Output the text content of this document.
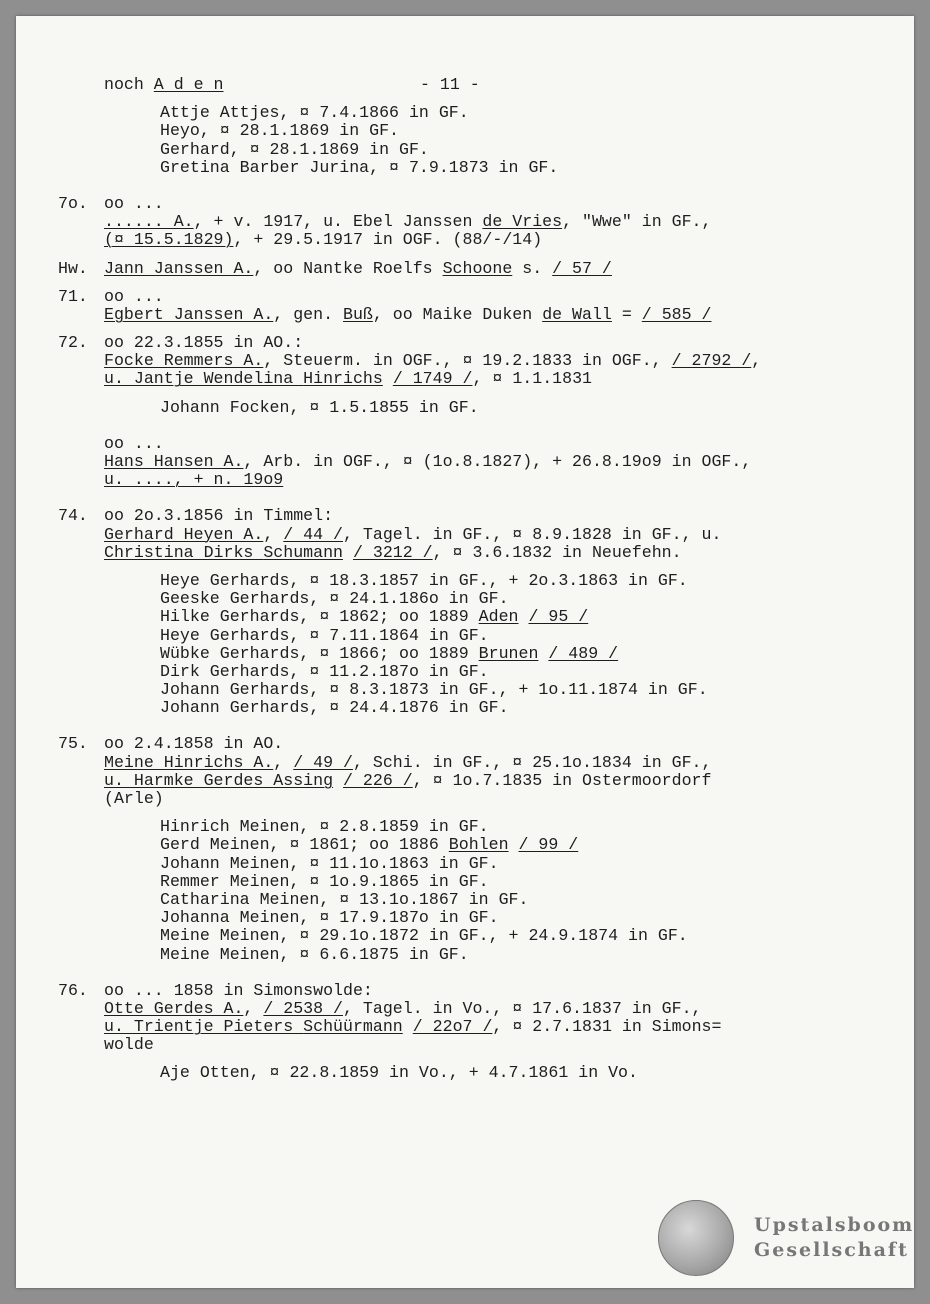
noch A d e n	- 11 -
Attje Attjes, ¤ 7.4.1866 in GF.
Heyo, ¤ 28.1.1869 in GF.
Gerhard, ¤ 28.1.1869 in GF.
Gretina Barber Jurina, ¤ 7.9.1873 in GF.
7o. oo ...
...... A., + v. 1917, u. Ebel Janssen de Vries, "Wwe" in GF.,
(¤ 15.5.1829), + 29.5.1917 in OGF. (88/-/14)
Hw. Jann Janssen A., oo Nantke Roelfs Schoone s. / 57 /
71. oo ...
Egbert Janssen A., gen. Buß, oo Maike Duken de Wall = / 585 /
72. oo 22.3.1855 in AO.:
Focke Remmers A., Steuerm. in OGF., ¤ 19.2.1833 in OGF., / 2792 /,
u. Jantje Wendelina Hinrichs / 1749 /, ¤ 1.1.1831
Johann Focken, ¤ 1.5.1855 in GF.
oo ...
Hans Hansen A., Arb. in OGF., ¤ (1o.8.1827), + 26.8.19o9 in OGF.,
u. ...., + n. 19o9
74. oo 2o.3.1856 in Timmel:
Gerhard Heyen A., / 44 /, Tagel. in GF., ¤ 8.9.1828 in GF., u.
Christina Dirks Schumann / 3212 /, ¤ 3.6.1832 in Neuefehn.
Heye Gerhards, ¤ 18.3.1857 in GF., + 2o.3.1863 in GF.
Geeske Gerhards, ¤ 24.1.186o in GF.
Hilke Gerhards, ¤ 1862; oo 1889 Aden / 95 /
Heye Gerhards, ¤ 7.11.1864 in GF.
Wübke Gerhards, ¤ 1866; oo 1889 Brunen / 489 /
Dirk Gerhards, ¤ 11.2.187o in GF.
Johann Gerhards, ¤ 8.3.1873 in GF., + 1o.11.1874 in GF.
Johann Gerhards, ¤ 24.4.1876 in GF.
75. oo 2.4.1858 in AO.
Meine Hinrichs A., / 49 /, Schi. in GF., ¤ 25.1o.1834 in GF.,
u. Harmke Gerdes Assing / 226 /, ¤ 1o.7.1835 in Ostermoordorf
(Arle)
Hinrich Meinen, ¤ 2.8.1859 in GF.
Gerd Meinen, ¤ 1861; oo 1886 Bohlen / 99 /
Johann Meinen, ¤ 11.1o.1863 in GF.
Remmer Meinen, ¤ 1o.9.1865 in GF.
Catharina Meinen, ¤ 13.1o.1867 in GF.
Johanna Meinen, ¤ 17.9.187o in GF.
Meine Meinen, ¤ 29.1o.1872 in GF., + 24.9.1874 in GF.
Meine Meinen, ¤ 6.6.1875 in GF.
76. oo ... 1858 in Simonswolde:
Otte Gerdes A., / 2538 /, Tagel. in Vo., ¤ 17.6.1837 in GF.,
u. Trientje Pieters Schüürmann / 22o7 /, ¤ 2.7.1831 in Simons=
wolde
Aje Otten, ¤ 22.8.1859 in Vo., + 4.7.1861 in Vo.
Upstalsboom
Gesellschaft
